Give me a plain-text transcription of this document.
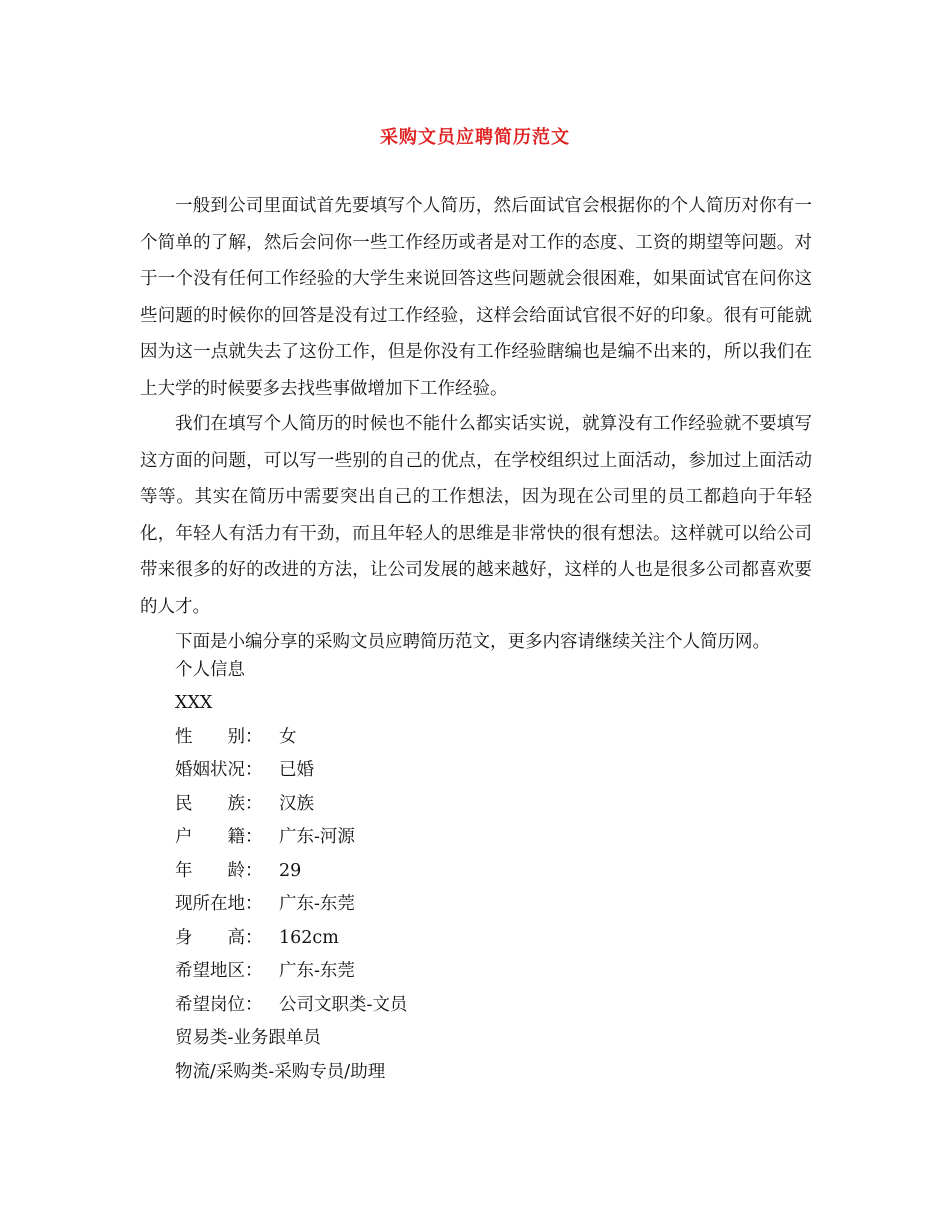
采购文员应聘简历范文

一般到公司里面试首先要填写个人简历，然后面试官会根据你的个人简历对你有一个简单的了解，然后会问你一些工作经历或者是对工作的态度、工资的期望等问题。对于一个没有任何工作经验的大学生来说回答这些问题就会很困难，如果面试官在问你这些问题的时候你的回答是没有过工作经验，这样会给面试官很不好的印象。很有可能就因为这一点就失去了这份工作，但是你没有工作经验瞎编也是编不出来的，所以我们在上大学的时候要多去找些事做增加下工作经验。

我们在填写个人简历的时候也不能什么都实话实说，就算没有工作经验就不要填写这方面的问题，可以写一些别的自己的优点，在学校组织过上面活动，参加过上面活动等等。其实在简历中需要突出自己的工作想法，因为现在公司里的员工都趋向于年轻化，年轻人有活力有干劲，而且年轻人的思维是非常快的很有想法。这样就可以给公司带来很多的好的改进的方法，让公司发展的越来越好，这样的人也是很多公司都喜欢要的人才。

下面是小编分享的采购文员应聘简历范文，更多内容请继续关注个人简历网。

个人信息
XXX
性　　别： 女
婚姻状况： 已婚
民　　族： 汉族
户　　籍： 广东-河源
年　　龄： 29
现所在地： 广东-东莞
身　　高： 162cm
希望地区： 广东-东莞
希望岗位： 公司文职类-文员
贸易类-业务跟单员
物流/采购类-采购专员/助理
